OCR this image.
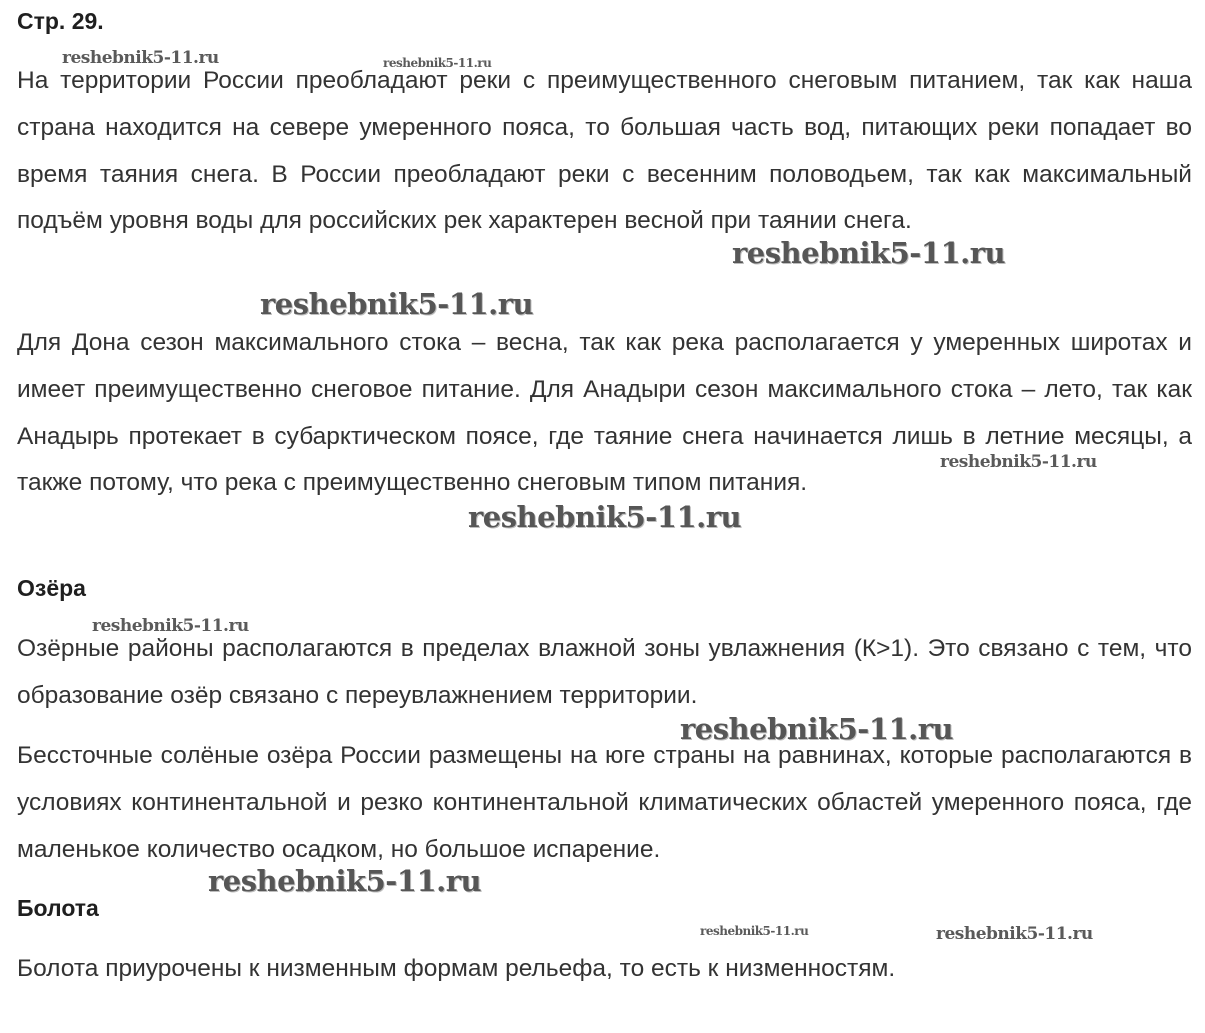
Стр. 29.

На территории России преобладают реки с преимущественного снеговым питанием, так как наша страна находится на севере умеренного пояса, то большая часть вод, питающих реки попадает во время таяния снега. В России преобладают реки с весенним половодьем, так как максимальный подъём уровня воды для российских рек характерен весной при таянии снега.

Для Дона сезон максимального стока – весна, так как река располагается у умеренных широтах и имеет преимущественно снеговое питание. Для Анадыри сезон максимального стока – лето, так как Анадырь протекает в субарктическом поясе, где таяние снега начинается лишь в летние месяцы, а также потому, что река с преимущественно снеговым типом питания.

Озёра

Озёрные районы располагаются в пределах влажной зоны увлажнения (К>1). Это связано с тем, что образование озёр связано с переувлажнением территории.

Бессточные солёные озёра России размещены на юге страны на равнинах, которые располагаются в условиях континентальной и резко континентальной климатических областей умеренного пояса, где маленькое количество осадком, но большое испарение.

Болота

Болота приурочены к низменным формам рельефа, то есть к низменностям.

reshebnik5-11.ru	reshebnik5-11.ru
reshebnik5-11.ru
reshebnik5-11.ru
reshebnik5-11.ru
reshebnik5-11.ru
reshebnik5-11.ru
reshebnik5-11.ru
reshebnik5-11.ru
reshebnik5-11.ru	reshebnik5-11.ru
